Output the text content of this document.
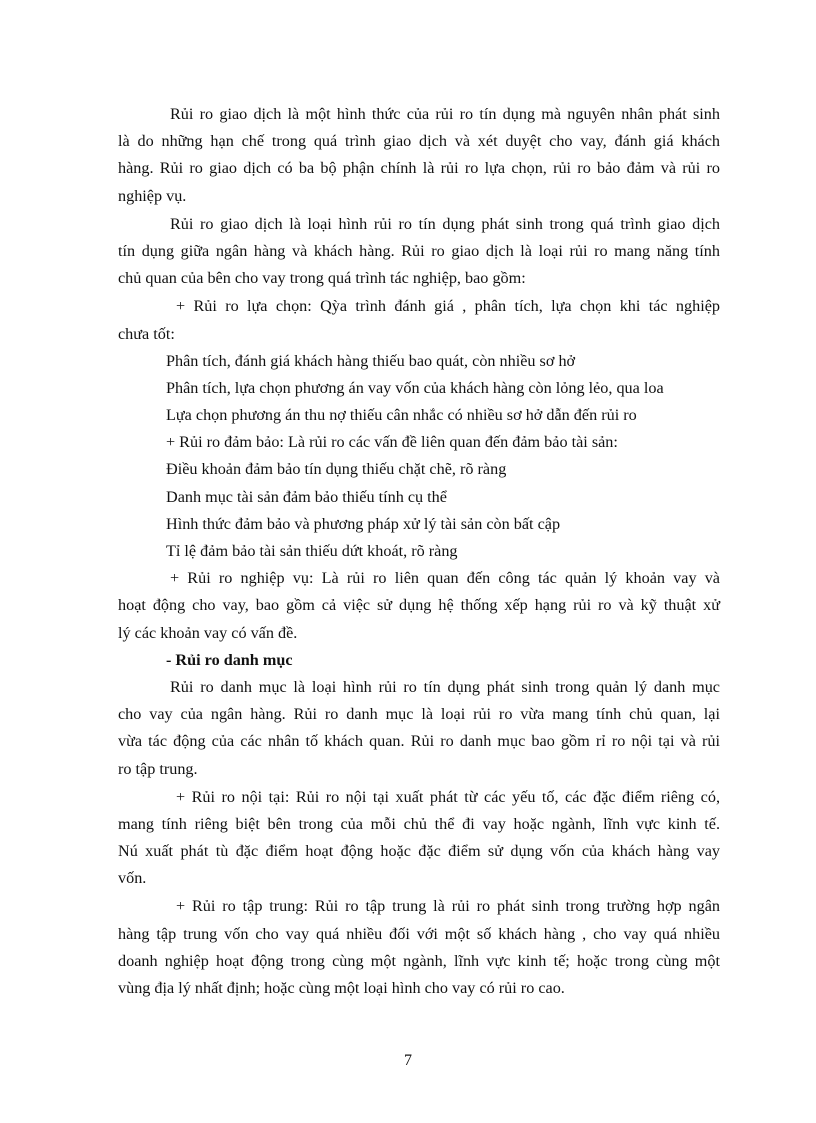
Rủi ro giao dịch là một hình thức của rủi ro tín dụng mà nguyên nhân phát sinh
là do những hạn chế trong quá trình giao dịch và xét duyệt cho vay, đánh giá khách
hàng. Rủi ro giao dịch có ba bộ phận chính là rủi ro lựa chọn, rủi ro bảo đảm và rủi ro
nghiệp vụ.
Rủi ro giao dịch là loại hình rủi ro tín dụng phát sinh trong quá trình giao dịch
tín dụng giữa ngân hàng và khách hàng. Rủi ro giao dịch là loại rủi ro mang năng tính
chủ quan của bên cho vay trong quá trình tác nghiệp, bao gồm:
+ Rủi ro lựa chọn: Qỳa trình đánh giá , phân tích, lựa chọn khi tác nghiệp
chưa tốt:
Phân tích, đánh giá khách hàng thiếu bao quát, còn nhiều sơ hở
Phân tích, lựa chọn phương án vay vốn của khách hàng còn lỏng lẻo, qua loa
Lựa chọn phương án thu nợ thiếu cân nhắc có nhiều sơ hở dẫn đến rủi ro
+ Rủi ro đảm bảo: Là rủi ro các vấn đề liên quan đến đảm bảo tài sản:
Điều khoản đảm bảo tín dụng thiếu chặt chẽ, rõ ràng
Danh mục tài sản đảm bảo thiếu tính cụ thể
Hình thức đảm bảo và phương pháp xử lý tài sản còn bất cập
Tỉ lệ đảm bảo tài sản thiếu dứt khoát, rõ ràng
+ Rủi ro nghiệp vụ: Là rủi ro liên quan đến công tác quản lý khoản vay và
hoạt động cho vay, bao gồm cả việc sử dụng hệ thống xếp hạng rủi ro và kỹ thuật xử
lý các khoản vay có vấn đề.
- Rủi ro danh mục
Rủi ro danh mục là loại hình rủi ro tín dụng phát sinh trong quản lý danh mục
cho vay của ngân hàng. Rủi ro danh mục là loại rủi ro vừa mang tính chủ quan, lại
vừa tác động của các nhân tố khách quan. Rủi ro danh mục bao gồm rỉ ro nội tại và rủi
ro tập trung.
+ Rủi ro nội tại: Rủi ro nội tại xuất phát từ các yếu tố, các đặc điểm riêng có,
mang tính riêng biệt bên trong của mỗi chủ thể đi vay hoặc ngành, lĩnh vực kinh tế.
Nú xuất phát tù đặc điểm hoạt động hoặc đặc điểm sử dụng vốn của khách hàng vay
vốn.
+ Rủi ro tập trung: Rủi ro tập trung là rủi ro phát sinh trong trường hợp ngân
hàng tập trung vốn cho vay quá nhiều đối với một số khách hàng , cho vay quá nhiều
doanh nghiệp hoạt động trong cùng một ngành, lĩnh vực kinh tế; hoặc trong cùng một
vùng địa lý nhất định; hoặc cùng một loại hình cho vay có rủi ro cao.
7
